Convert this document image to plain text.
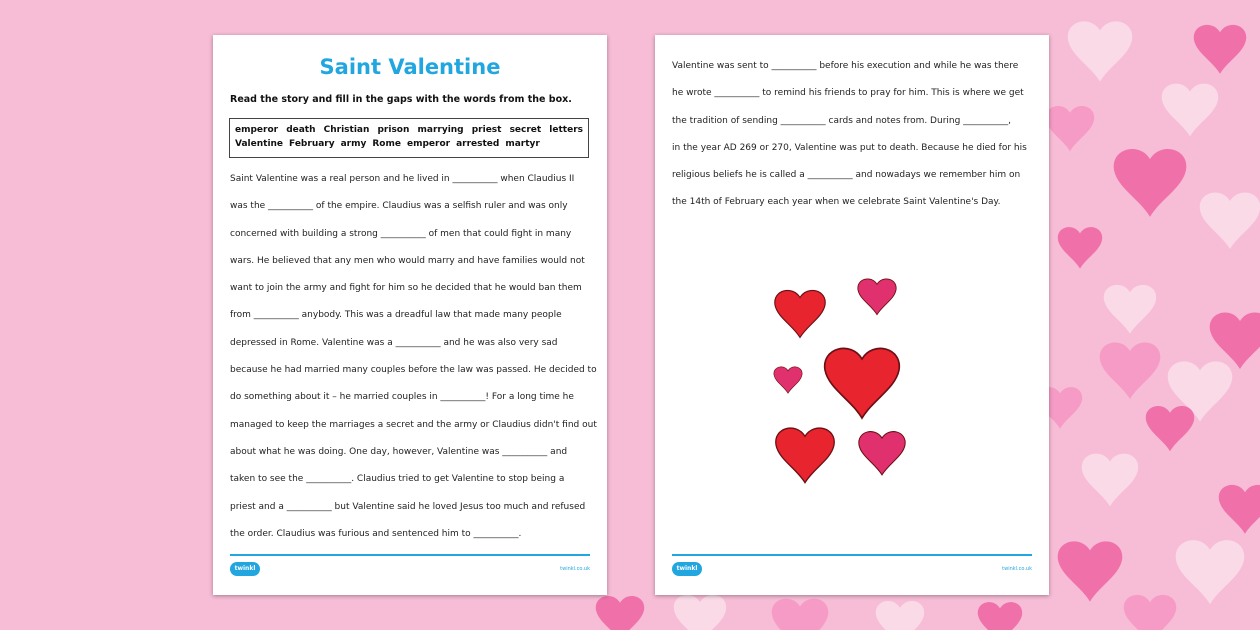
Saint Valentine
Read the story and fill in the gaps with the words from the box.
emperor death Christian prison marrying priest secret letters
Valentine February army Rome emperor arrested martyr
Saint Valentine was a real person and he lived in __________ when Claudius II
was the __________ of the empire. Claudius was a selfish ruler and was only
concerned with building a strong __________ of men that could fight in many
wars. He believed that any men who would marry and have families would not
want to join the army and fight for him so he decided that he would ban them
from __________ anybody. This was a dreadful law that made many people
depressed in Rome. Valentine was a __________ and he was also very sad
because he had married many couples before the law was passed. He decided to
do something about it – he married couples in __________! For a long time he
managed to keep the marriages a secret and the army or Claudius didn't find out
about what he was doing. One day, however, Valentine was __________ and
taken to see the __________. Claudius tried to get Valentine to stop being a
priest and a __________ but Valentine said he loved Jesus too much and refused
the order. Claudius was furious and sentenced him to __________.
twinkl	twinkl.co.uk
Valentine was sent to __________ before his execution and while he was there
he wrote __________ to remind his friends to pray for him. This is where we get
the tradition of sending __________ cards and notes from. During __________,
in the year AD 269 or 270, Valentine was put to death. Because he died for his
religious beliefs he is called a __________ and nowadays we remember him on
the 14th of February each year when we celebrate Saint Valentine's Day.
twinkl	twinkl.co.uk
